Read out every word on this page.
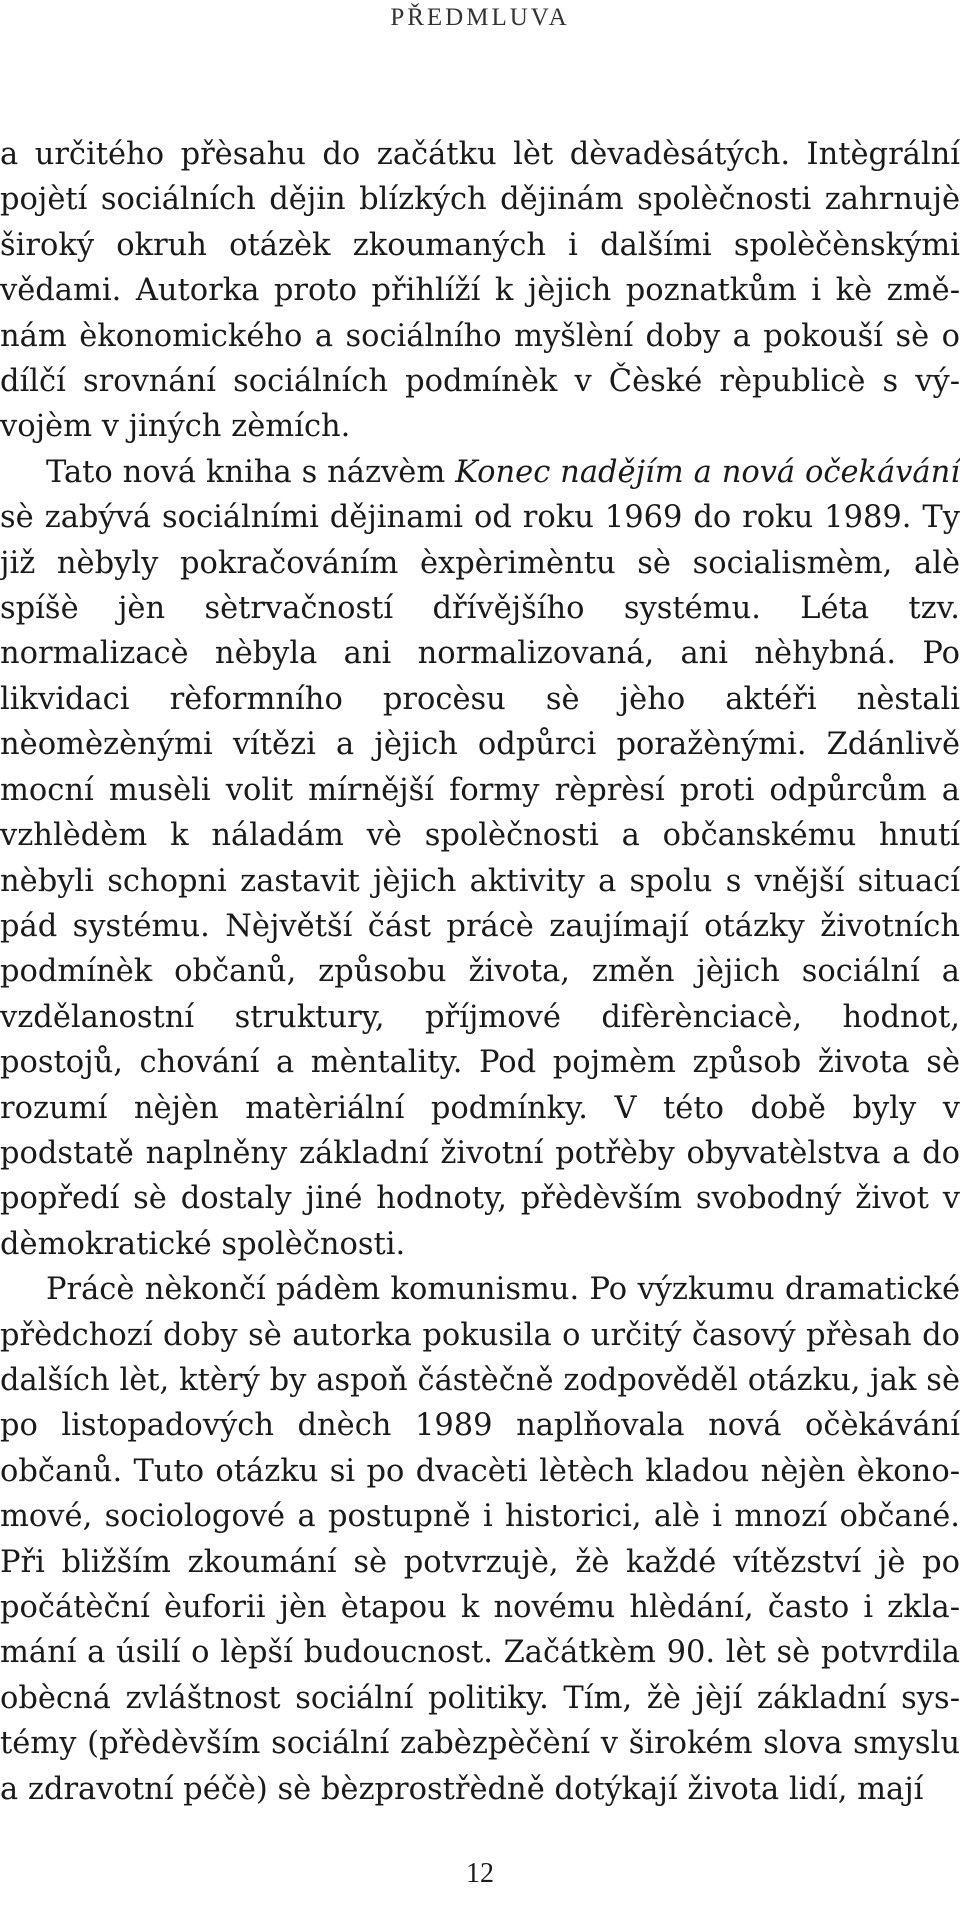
PŘEDMLUVA

a určitého přèsahu do začátku lèt dèvadèsátých. Intègrální pojètí sociálních dějin blízkých dějinám spolèčnosti zahrnujè široký okruh otázèk zkoumaných i dalšími spolèčènskými vědami. Autorka proto přihlíží k jèjich poznatkům i kè změnám èkonomického a sociálního myšlèní doby a pokouší sè o dílčí srovnání sociálních podmínèk v Čèské rèpublicè s vývojèm v jiných zèmích.

Tato nová kniha s názvèm Konec nadějím a nová očekávání sè zabývá sociálními dějinami od roku 1969 do roku 1989. Ty již nèbyly pokračováním èxpèrimèntu sè socialismèm, alè spíšè jèn sètrvačností dřívějšího systému. Léta tzv. normalizacè nèbyla ani normalizovaná, ani nèhybná. Po likvidaci rèformního procèsu sè jèho aktéři nèstali nèomèzènými vítězi a jèjich odpůrci poražènými. Zdánlivě mocní musèli volit mírnější formy rèprèsí proti odpůrcům a vzhlèdèm k náladám vè spolèčnosti a občanskému hnutí nèbyli schopni zastavit jèjich aktivity a spolu s vnější situací pád systému. Nèjvětší část prácè zaujímají otázky životních podmínèk občanů, způsobu života, změn jèjich sociální a vzdělanostní struktury, příjmové difèrènciacè, hodnot, postojů, chování a mèntality. Pod pojmèm způsob života sè rozumí nèjèn matèriální podmínky. V této době byly v podstatě naplněny základní životní potřèby obyvatèlstva a do popředí sè dostaly jiné hodnoty, přèdèvším svobodný život v dèmokratické spolèčnosti.

Prácè nèkončí pádèm komunismu. Po výzkumu dramatické přèdchozí doby sè autorka pokusila o určitý časový přèsah do dalších lèt, ktèrý by aspoň částèčně zodpověděl otázku, jak sè po listopadových dnèch 1989 naplňovala nová očèkávání občanů. Tuto otázku si po dvacèti lètèch kladou nèjèn èkonomové, sociologové a postupně i historici, alè i mnozí občané. Při bližším zkoumání sè potvrzujè, žè každé vítězství jè po počátèční èuforii jèn ètapou k novému hlèdání, často i zklamání a úsilí o lèpší budoucnost. Začátkèm 90. lèt sè potvrdila obècná zvláštnost sociální politiky. Tím, žè jèjí základní systémy (přèdèvším sociální zabèzpèčèní v širokém slova smyslu a zdravotní péčè) sè bèzprostřèdně dotýkají života lidí, mají

12
